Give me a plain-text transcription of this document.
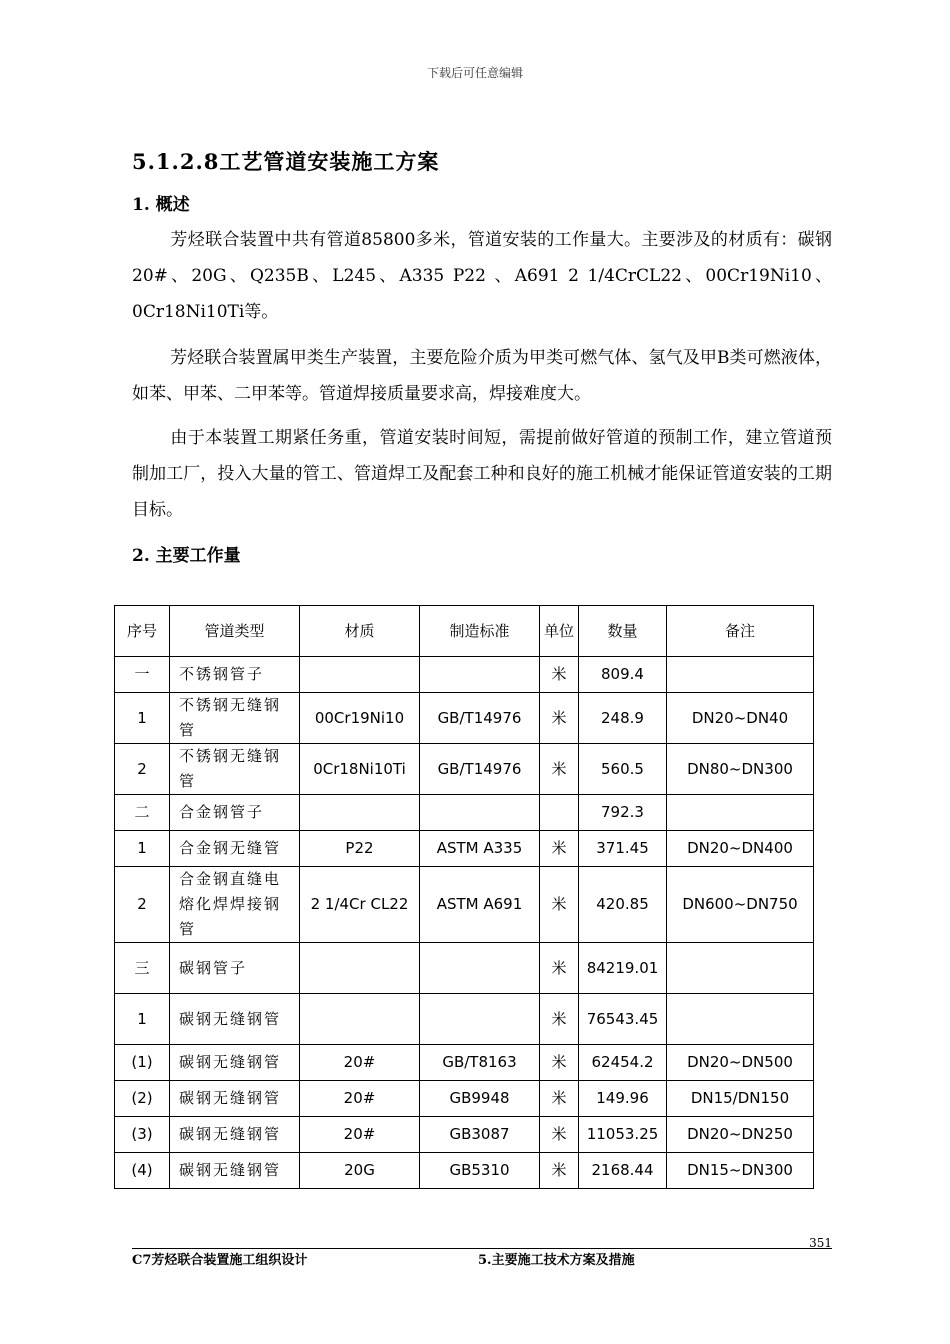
下载后可任意编辑
5.1.2.8工艺管道安装施工方案
1. 概述
芳烃联合装置中共有管道85800多米，管道安装的工作量大。主要涉及的材质有：碳钢20#、20G、Q235B、L245、A335 P22 、A691 2 1/4CrCL22、00Cr19Ni10、0Cr18Ni10Ti等。
芳烃联合装置属甲类生产装置，主要危险介质为甲类可燃气体、氢气及甲B类可燃液体，如苯、甲苯、二甲苯等。管道焊接质量要求高，焊接难度大。
由于本装置工期紧任务重，管道安装时间短，需提前做好管道的预制工作，建立管道预制加工厂，投入大量的管工、管道焊工及配套工种和良好的施工机械才能保证管道安装的工期目标。
2. 主要工作量
序号	管道类型	材质	制造标准	单位	数量	备注
一	不锈钢管子			米	809.4	
1	不锈钢无缝钢管	00Cr19Ni10	GB/T14976	米	248.9	DN20~DN40
2	不锈钢无缝钢管	0Cr18Ni10Ti	GB/T14976	米	560.5	DN80~DN300
二	合金钢管子				792.3	
1	合金钢无缝管	P22	ASTM A335	米	371.45	DN20~DN400
2	合金钢直缝电熔化焊焊接钢管	2 1/4Cr CL22	ASTM A691	米	420.85	DN600~DN750
三	碳钢管子			米	84219.01	
1	碳钢无缝钢管			米	76543.45	
(1)	碳钢无缝钢管	20#	GB/T8163	米	62454.2	DN20~DN500
(2)	碳钢无缝钢管	20#	GB9948	米	149.96	DN15/DN150
(3)	碳钢无缝钢管	20#	GB3087	米	11053.25	DN20~DN250
(4)	碳钢无缝钢管	20G	GB5310	米	2168.44	DN15~DN300
351
C7芳烃联合装置施工组织设计	5.主要施工技术方案及措施
